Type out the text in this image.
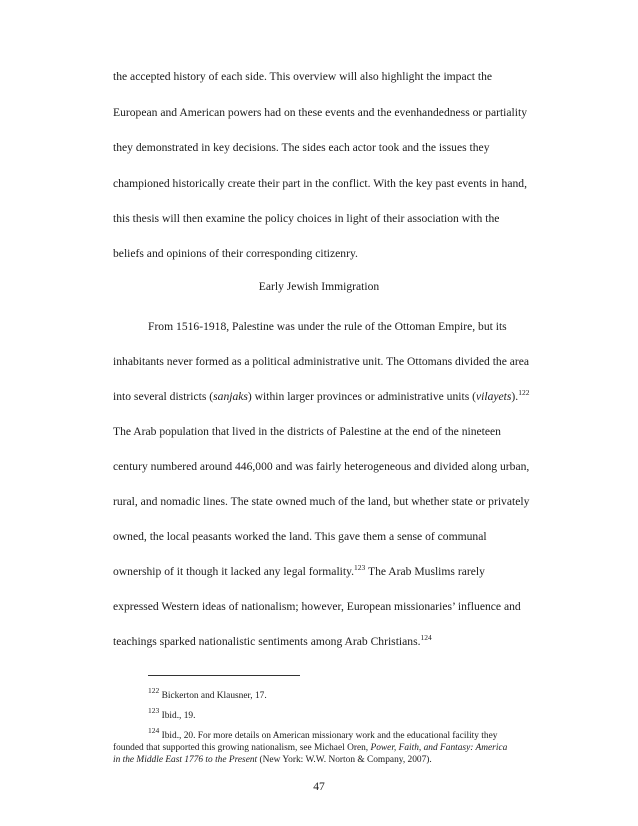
the accepted history of each side. This overview will also highlight the impact the
European and American powers had on these events and the evenhandedness or partiality
they demonstrated in key decisions. The sides each actor took and the issues they
championed historically create their part in the conflict. With the key past events in hand,
this thesis will then examine the policy choices in light of their association with the
beliefs and opinions of their corresponding citizenry.
Early Jewish Immigration
From 1516-1918, Palestine was under the rule of the Ottoman Empire, but its
inhabitants never formed as a political administrative unit. The Ottomans divided the area
into several districts (sanjaks) within larger provinces or administrative units (vilayets).$^{122}$
The Arab population that lived in the districts of Palestine at the end of the nineteen
century numbered around 446,000 and was fairly heterogeneous and divided along urban,
rural, and nomadic lines. The state owned much of the land, but whether state or privately
owned, the local peasants worked the land. This gave them a sense of communal
ownership of it though it lacked any legal formality.$^{123}$ The Arab Muslims rarely
expressed Western ideas of nationalism; however, European missionaries’ influence and
teachings sparked nationalistic sentiments among Arab Christians.$^{124}$
$^{122}$ Bickerton and Klausner, 17.
$^{123}$ Ibid., 19.
$^{124}$ Ibid., 20. For more details on American missionary work and the educational facility they
founded that supported this growing nationalism, see Michael Oren, Power, Faith, and Fantasy: America
in the Middle East 1776 to the Present (New York: W.W. Norton & Company, 2007).
47
